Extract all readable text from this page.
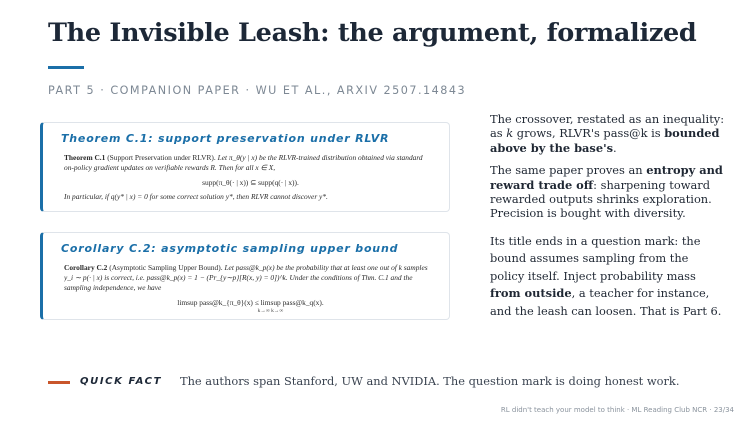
The Invisible Leash: the argument, formalized
PART 5 · COMPANION PAPER · WU ET AL., ARXIV 2507.14843
Theorem C.1: support preservation under RLVR
Theorem C.1 (Support Preservation under RLVR). Let π_θ(y | x) be the RLVR-trained distribution obtained via standard
on-policy gradient updates on verifiable rewards R. Then for all x ∈ X,
supp(π_θ(· | x)) ⊆ supp(q(· | x)).
In particular, if q(y* | x) = 0 for some correct solution y*, then RLVR cannot discover y*.
Corollary C.2: asymptotic sampling upper bound
Corollary C.2 (Asymptotic Sampling Upper Bound). Let pass@k_p(x) be the probability that at least one out of k samples
y_i ∼ p(· | x) is correct, i.e. pass@k_p(x) = 1 − (Pr_{y∼p}[R(x, y) = 0])^k. Under the conditions of Thm. C.1 and the
sampling independence, we have
limsup pass@k_{π_θ}(x) ≤ limsup pass@k_q(x).
k→∞ k→∞

The crossover, restated as an inequality: as k grows, RLVR's pass@k is bounded above by the base's.

The same paper proves an entropy and reward trade off: sharpening toward rewarded outputs shrinks exploration. Precision is bought with diversity.

Its title ends in a question mark: the bound assumes sampling from the policy itself. Inject probability mass from outside, a teacher for instance, and the leash can loosen. That is Part 6.

QUICK FACT The authors span Stanford, UW and NVIDIA. The question mark is doing honest work.
RL didn't teach your model to think · ML Reading Club NCR · 23/34
